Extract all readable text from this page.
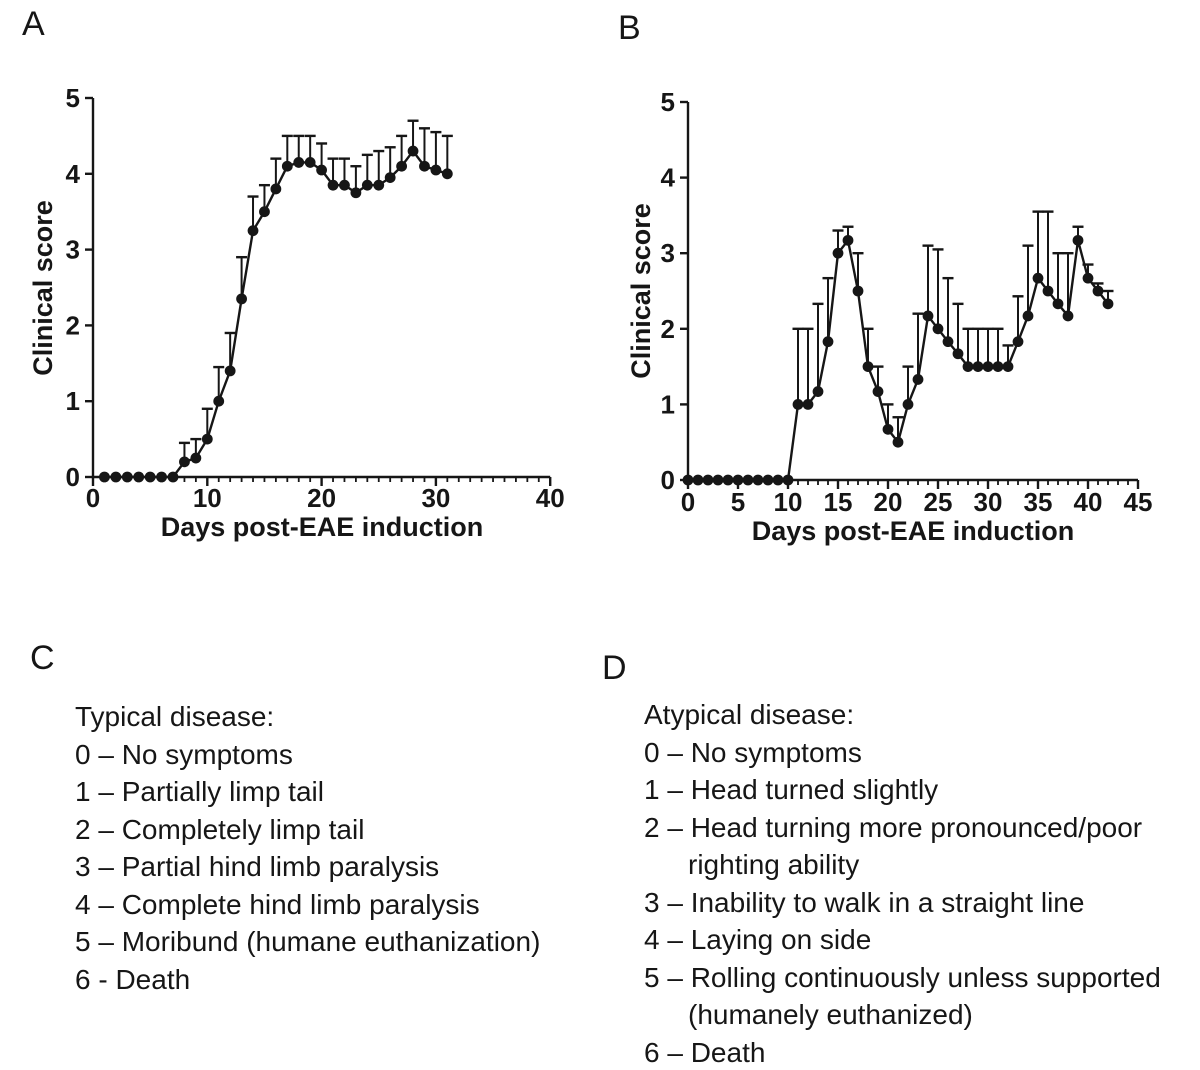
A	B
C	D
0	10	20	30	40
0
1
2
3
4
5
Days post-EAE induction
Clinical score
0 5 10 15 20 25 30 35 40 45
0
1
2
3
4
5
Days post-EAE induction
Clinical score
Typical disease:
0 – No symptoms
1 – Partially limp tail
2 – Completely limp tail
3 – Partial hind limb paralysis
4 – Complete hind limb paralysis
5 – Moribund (humane euthanization)
6 - Death
Atypical disease:
0 – No symptoms
1 – Head turned slightly
2 – Head turning more pronounced/poor
righting ability
3 – Inability to walk in a straight line
4 – Laying on side
5 – Rolling continuously unless supported
(humanely euthanized)
6 – Death
